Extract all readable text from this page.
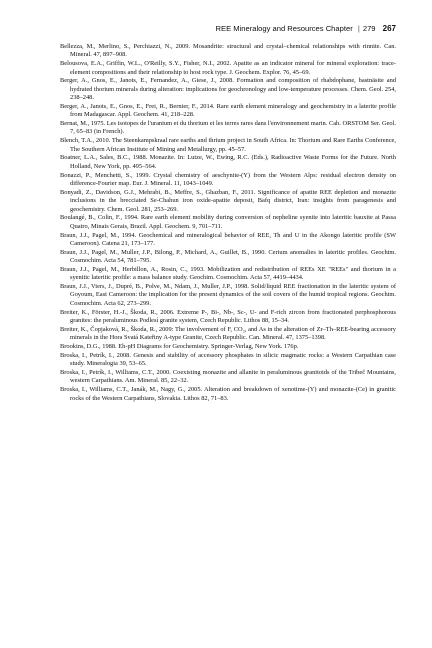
REE Mineralogy and Resources Chapter | 279 267

Bellezza, M., Merlino, S., Perchiazzi, N., 2009. Mosandrite: structural and crystal–chemical relationships with rinnite. Can. Mineral. 47, 897–908.

Belousova, E.A., Griffin, W.L., O'Reilly, S.Y., Fisher, N.I., 2002. Apatite as an indicator mineral for mineral exploration: trace-element compositions and their relationship to host rock type. J. Geochem. Explor. 76, 45–69.

Berger, A., Gnos, E., Janots, E., Fernandez, A., Giese, J., 2008. Formation and composition of rhabdophane, bastnäsite and hydrated thorium minerals during alteration: implications for geochronology and low-temperature processes. Chem. Geol. 254, 238–248.

Berger, A., Janots, E., Gnos, E., Frei, R., Bernier, F., 2014. Rare earth element mineralogy and geochemistry in a laterite profile from Madagascar. Appl. Geochem. 41, 218–228.

Bernat, M., 1975. Les isotopes de l'uranium et du thorium et les terres rares dans l'environnement marin. Cah. ORSTOM Ser. Geol. 7, 65–83 (in French).

Blench, T.A., 2010. The Steenkampskraal rare earths and thrium project in South Africa. In: Thorium and Rare Earths Conference, The Southern African Institute of Mining and Metallurgy, pp. 45–57.

Boatner, L.A., Sales, B.C., 1988. Monazite. In: Lutze, W., Ewing, R.C. (Eds.), Radioactive Waste Forms for the Future. North Holland, New York, pp. 495–564.

Bonazzi, P., Menchetti, S., 1999. Crystal chemistry of aeschynite-(Y) from the Western Alps: residual electron density on difference-Fourier map. Eur. J. Mineral. 11, 1043–1049.

Bonyadi, Z., Davidson, G.J., Mehrabi, B., Meffre, S., Ghazban, F., 2011. Significance of apatite REE depletion and monazite inclusions in the brecciated Se-Chahun iron oxide-apatite deposit, Bafq district, Iran: insights from paragenesis and geochemistry. Chem. Geol. 281, 253–269.

Boulangé, B., Colin, F., 1994. Rare earth element mobility during conversion of nepheline syenite into lateritic bauxite at Passa Quatro, Minais Gerais, Brazil. Appl. Geochem. 9, 701–711.

Braun, J.J., Pagel, M., 1994. Geochemical and mineralogical behavior of REE, Th and U in the Akongo lateritic profile (SW Cameroon). Catena 21, 173–177.

Braun, J.J., Pagel, M., Muller, J.P., Bilong, P., Michard, A., Guillet, B., 1990. Cerium anomalies in lateritic profiles. Geochim. Cosmochim. Acta 54, 781–795.

Braun, J.J., Pagel, M., Herbillon, A., Rosin, C., 1993. Mobilization and redistribution of REEs XE "REEs" and thorium in a syenitic lateritic profile: a mass balance study. Geochim. Cosmochim. Acta 57, 4419–4434.

Braun, J.J., Viers, J., Dupré, B., Polve, M., Ndam, J., Muller, J.P., 1998. Solid/liquid REE fractionation in the lateritic system of Goyoum, East Cameroon: the implication for the present dynamics of the soil covers of the humid tropical regions. Geochim. Cosmochim. Acta 62, 273–299.

Breiter, K., Förster, H.-J., Škoda, R., 2006. Extreme P-, Bi-, Nb-, Sc-, U- and F-rich zircon from fractionated perphosphorous granites: the peraluminous Podlesí granite system, Czech Republic. Lithos 88, 15–34.

Breiter, K., Čopjaková, R., Škoda, R., 2009: The involvement of F, CO₂, and As in the alteration of Zr–Th–REE-bearing accessory minerals in the Hora Svatá Kateřiny A-type Granite, Czech Republic. Can. Mineral. 47, 1375–1398.

Brookins, D.G., 1988. Eh-pH Diagrams for Geochemistry. Springer-Verlag, New York. 176p.

Broska, I., Petrík, I., 2008. Genesis and stability of accessory phosphates in silicic magmatic rocks: a Western Carpathian case study. Mineralogia 39, 53–65.

Broska, I., Petrík, I., Williams, C.T., 2000. Coexisting monazite and allanite in peraluminous granitoids of the Tribeč Mountains, western Carpathians. Am. Mineral. 85, 22–32.

Broska, I., Williams, C.T., Janák, M., Nagy, G., 2005. Alteration and breakdown of xenotime-(Y) and monazite-(Ce) in granitic rocks of the Western Carpathians, Slovakia. Lithos 82, 71–83.
